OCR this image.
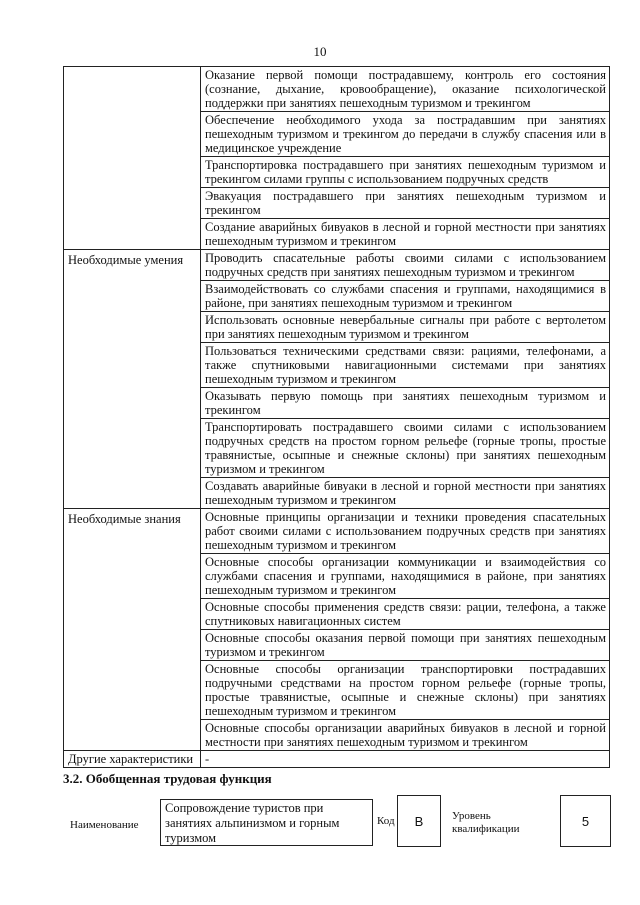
10
	Оказание первой помощи пострадавшему, контроль его состояния (сознание, дыхание, кровообращение), оказание психологической поддержки при занятиях пешеходным туризмом и трекингом
	Обеспечение необходимого ухода за пострадавшим при занятиях пешеходным туризмом и трекингом до передачи в службу спасения или в медицинское учреждение
	Транспортировка пострадавшего при занятиях пешеходным туризмом и трекингом силами группы с использованием подручных средств
	Эвакуация пострадавшего при занятиях пешеходным туризмом и трекингом
	Создание аварийных бивуаков в лесной и горной местности при занятиях пешеходным туризмом и трекингом
Необходимые умения	Проводить спасательные работы своими силами с использованием подручных средств при занятиях пешеходным туризмом и трекингом
	Взаимодействовать со службами спасения и группами, находящимися в районе, при занятиях пешеходным туризмом и трекингом
	Использовать основные невербальные сигналы при работе с вертолетом при занятиях пешеходным туризмом и трекингом
	Пользоваться техническими средствами связи: рациями, телефонами, а также спутниковыми навигационными системами при занятиях пешеходным туризмом и трекингом
	Оказывать первую помощь при занятиях пешеходным туризмом и трекингом
	Транспортировать пострадавшего своими силами с использованием подручных средств на простом горном рельефе (горные тропы, простые травянистые, осыпные и снежные склоны) при занятиях пешеходным туризмом и трекингом
	Создавать аварийные бивуаки в лесной и горной местности при занятиях пешеходным туризмом и трекингом
Необходимые знания	Основные принципы организации и техники проведения спасательных работ своими силами с использованием подручных средств при занятиях пешеходным туризмом и трекингом
	Основные способы организации коммуникации и взаимодействия со службами спасения и группами, находящимися в районе, при занятиях пешеходным туризмом и трекингом
	Основные способы применения средств связи: рации, телефона, а также спутниковых навигационных систем
	Основные способы оказания первой помощи при занятиях пешеходным туризмом и трекингом
	Основные способы организации транспортировки пострадавших подручными средствами на простом горном рельефе (горные тропы, простые травянистые, осыпные и снежные склоны) при занятиях пешеходным туризмом и трекингом
	Основные способы организации аварийных бивуаков в лесной и горной местности при занятиях пешеходным туризмом и трекингом
Другие характеристики	-
3.2. Обобщенная трудовая функция
Наименование
Сопровождение туристов при занятиях альпинизмом и горным туризмом
Код	B	Уровень
квалификации
5
